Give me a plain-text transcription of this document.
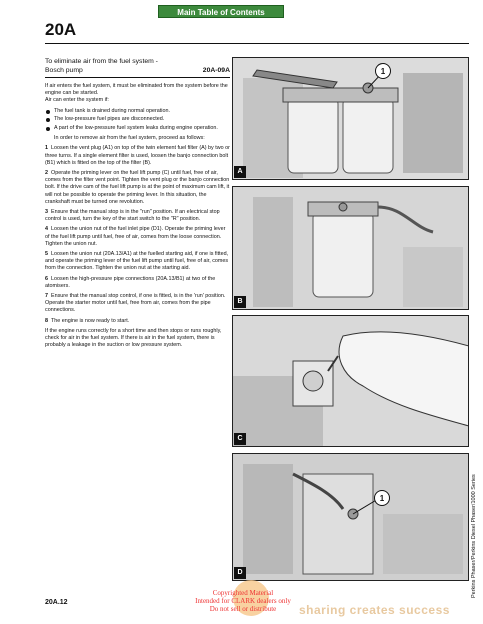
Main Table of Contents
20A
To eliminate air from the fuel system -
Bosch pump	20A-09A

If air enters the fuel system, it must be eliminated from the system before the engine can be started.
Air can enter the system if:

The fuel tank is drained during normal operation.
The low-pressure fuel pipes are disconnected.
A part of the low-pressure fuel system leaks during engine operation.

In order to remove air from the fuel system, proceed as follows:

1 Loosen the vent plug (A1) on top of the twin element fuel filter (A) by two or three turns. If a single element filter is used, loosen the banjo connection bolt (B1) which is fitted on the top of the filter (B).

2 Operate the priming lever on the fuel lift pump (C) until fuel, free of air, comes from the filter vent point. Tighten the vent plug or the banjo connection bolt. If the drive cam of the fuel lift pump is at the point of maximum cam lift, it will not be possible to operate the priming lever. In this situation, the crankshaft must be turned one revolution.

3 Ensure that the manual stop is in the "run" position. If an electrical stop control is used, turn the key of the start switch to the "R" position.

4 Loosen the union nut of the fuel inlet pipe (D1). Operate the priming lever of the fuel lift pump until fuel, free of air, comes from the loose connection. Tighten the union nut.

5 Loosen the union nut (20A.13/A1) at the fuelled starting aid, if one is fitted, and operate the priming lever of the fuel lift pump until fuel, free of air, comes from the connection. Tighten the union nut at the starting aid.

6 Loosen the high-pressure pipe connections (20A.13/B1) at two of the atomisers.

7 Ensure that the manual stop control, if one is fitted, is in the 'run' position. Operate the starter motor until fuel, free from air, comes from the pipe connections.

8 The engine is now ready to start.

If the engine runs correctly for a short time and then stops or runs roughly, check for air in the fuel system. If there is air in the fuel system, there is probably a leakage in the suction or low pressure system.

1
A
B
C
1
D	Perkins Phaser/Perkins Diesel Phaser/1000 Series
20A.12
Copyrighted Material
Intended for CLARK dealers only
Do not sell or distribute	sharing creates success
